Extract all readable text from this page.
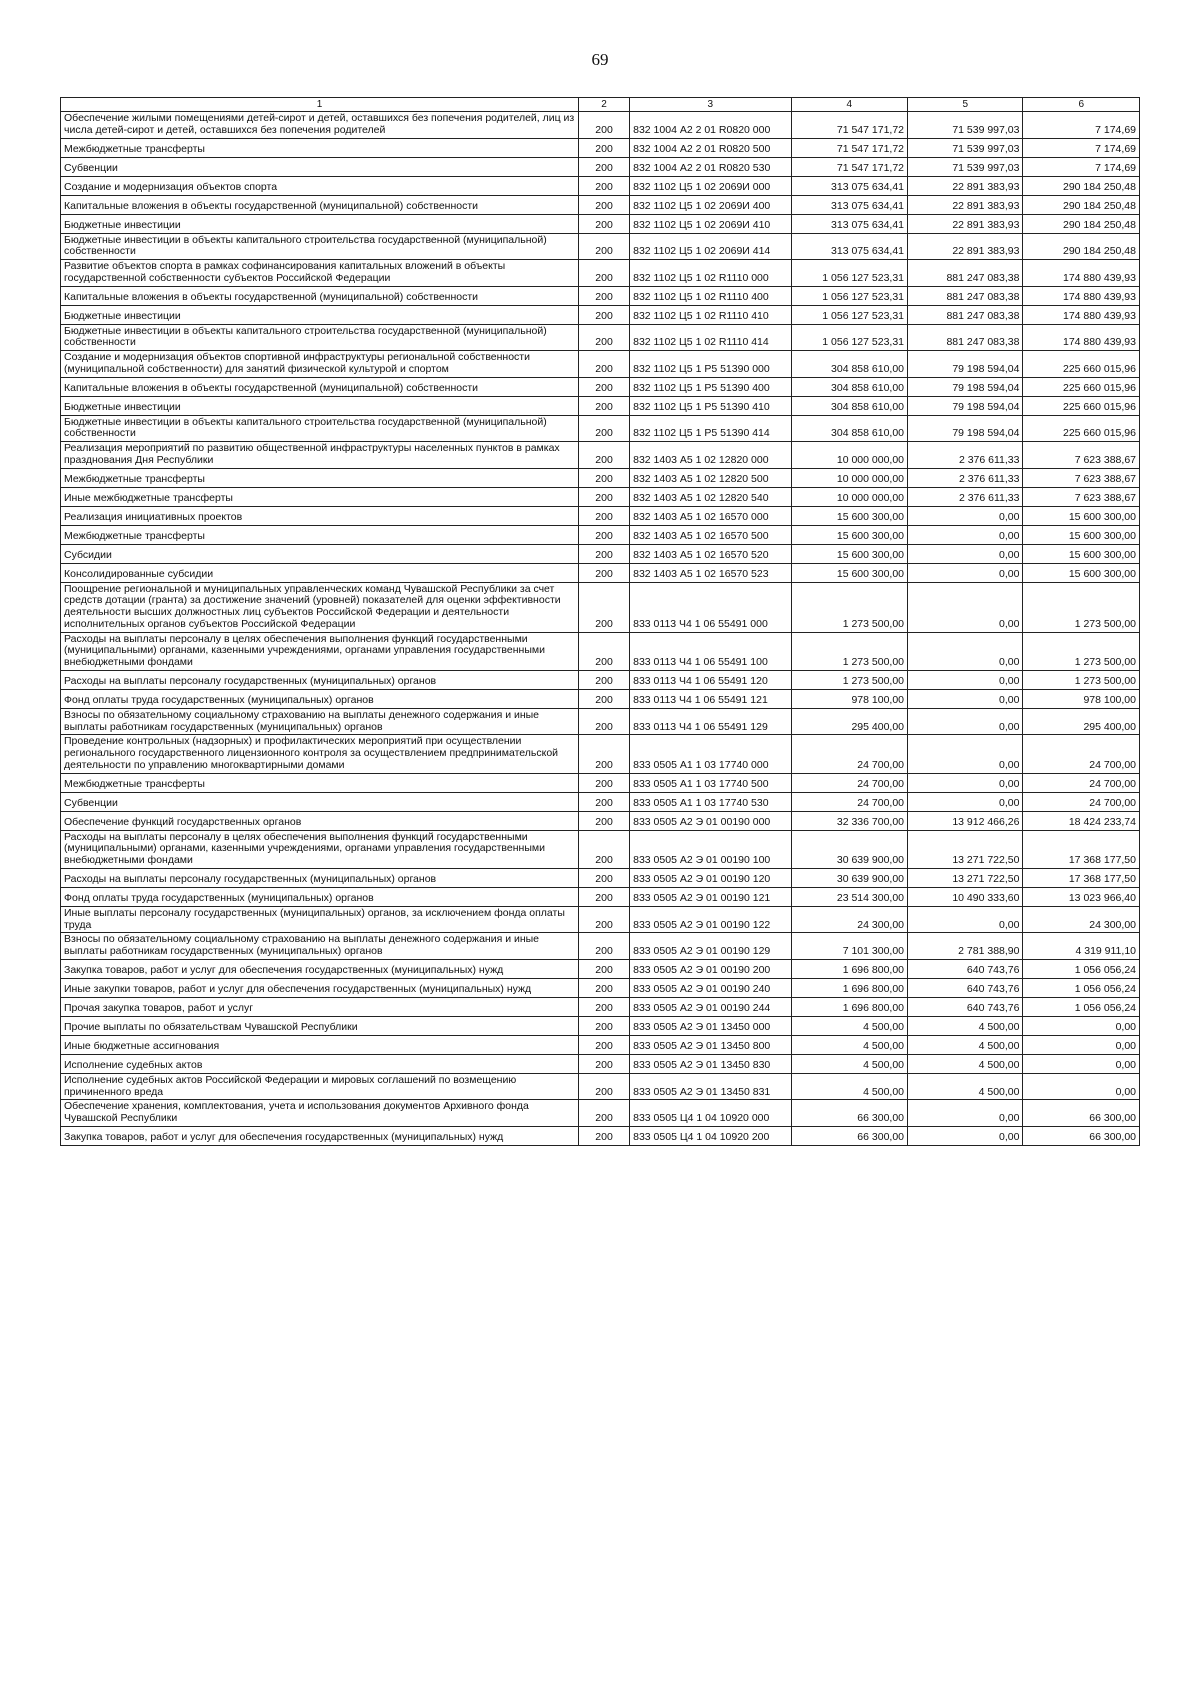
69
1	2	3	4	5	6
Обеспечение жилыми помещениями детей-сирот и детей, оставшихся без попечения родителей, лиц из числа детей-сирот и детей, оставшихся без попечения родителей	200	832 1004 А2 2 01 R0820 000	71 547 171,72	71 539 997,03	7 174,69
Межбюджетные трансферты	200	832 1004 А2 2 01 R0820 500	71 547 171,72	71 539 997,03	7 174,69
Субвенции	200	832 1004 А2 2 01 R0820 530	71 547 171,72	71 539 997,03	7 174,69
Создание и модернизация объектов спорта	200	832 1102 Ц5 1 02 2069И 000	313 075 634,41	22 891 383,93	290 184 250,48
Капитальные вложения в объекты государственной (муниципальной) собственности	200	832 1102 Ц5 1 02 2069И 400	313 075 634,41	22 891 383,93	290 184 250,48
Бюджетные инвестиции	200	832 1102 Ц5 1 02 2069И 410	313 075 634,41	22 891 383,93	290 184 250,48
Бюджетные инвестиции в объекты капитального строительства государственной (муниципальной) собственности	200	832 1102 Ц5 1 02 2069И 414	313 075 634,41	22 891 383,93	290 184 250,48
Развитие объектов спорта в рамках софинансирования капитальных вложений в объекты государственной собственности субъектов Российской Федерации	200	832 1102 Ц5 1 02 R1110 000	1 056 127 523,31	881 247 083,38	174 880 439,93
Капитальные вложения в объекты государственной (муниципальной) собственности	200	832 1102 Ц5 1 02 R1110 400	1 056 127 523,31	881 247 083,38	174 880 439,93
Бюджетные инвестиции	200	832 1102 Ц5 1 02 R1110 410	1 056 127 523,31	881 247 083,38	174 880 439,93
Бюджетные инвестиции в объекты капитального строительства государственной (муниципальной) собственности	200	832 1102 Ц5 1 02 R1110 414	1 056 127 523,31	881 247 083,38	174 880 439,93
Создание и модернизация объектов спортивной инфраструктуры региональной собственности (муниципальной собственности) для занятий физической культурой и спортом	200	832 1102 Ц5 1 Р5 51390 000	304 858 610,00	79 198 594,04	225 660 015,96
Капитальные вложения в объекты государственной (муниципальной) собственности	200	832 1102 Ц5 1 Р5 51390 400	304 858 610,00	79 198 594,04	225 660 015,96
Бюджетные инвестиции	200	832 1102 Ц5 1 Р5 51390 410	304 858 610,00	79 198 594,04	225 660 015,96
Бюджетные инвестиции в объекты капитального строительства государственной (муниципальной) собственности	200	832 1102 Ц5 1 Р5 51390 414	304 858 610,00	79 198 594,04	225 660 015,96
Реализация мероприятий по развитию общественной инфраструктуры населенных пунктов в рамках празднования Дня Республики	200	832 1403 А5 1 02 12820 000	10 000 000,00	2 376 611,33	7 623 388,67
Межбюджетные трансферты	200	832 1403 А5 1 02 12820 500	10 000 000,00	2 376 611,33	7 623 388,67
Иные межбюджетные трансферты	200	832 1403 А5 1 02 12820 540	10 000 000,00	2 376 611,33	7 623 388,67
Реализация инициативных проектов	200	832 1403 А5 1 02 16570 000	15 600 300,00	0,00	15 600 300,00
Межбюджетные трансферты	200	832 1403 А5 1 02 16570 500	15 600 300,00	0,00	15 600 300,00
Субсидии	200	832 1403 А5 1 02 16570 520	15 600 300,00	0,00	15 600 300,00
Консолидированные субсидии	200	832 1403 А5 1 02 16570 523	15 600 300,00	0,00	15 600 300,00
Поощрение региональной и муниципальных управленческих команд Чувашской Республики за счет средств дотации (гранта) за достижение значений (уровней) показателей для оценки эффективности деятельности высших должностных лиц субъектов Российской Федерации и деятельности исполнительных органов субъектов Российской Федерации	200	833 0113 Ч4 1 06 55491 000	1 273 500,00	0,00	1 273 500,00
Расходы на выплаты персоналу в целях обеспечения выполнения функций государственными (муниципальными) органами, казенными учреждениями, органами управления государственными внебюджетными фондами	200	833 0113 Ч4 1 06 55491 100	1 273 500,00	0,00	1 273 500,00
Расходы на выплаты персоналу государственных (муниципальных) органов	200	833 0113 Ч4 1 06 55491 120	1 273 500,00	0,00	1 273 500,00
Фонд оплаты труда государственных (муниципальных) органов	200	833 0113 Ч4 1 06 55491 121	978 100,00	0,00	978 100,00
Взносы по обязательному социальному страхованию на выплаты денежного содержания и иные выплаты работникам государственных (муниципальных) органов	200	833 0113 Ч4 1 06 55491 129	295 400,00	0,00	295 400,00
Проведение контрольных (надзорных) и профилактических мероприятий при осуществлении регионального государственного лицензионного контроля за осуществлением предпринимательской деятельности по управлению многоквартирными домами	200	833 0505 А1 1 03 17740 000	24 700,00	0,00	24 700,00
Межбюджетные трансферты	200	833 0505 А1 1 03 17740 500	24 700,00	0,00	24 700,00
Субвенции	200	833 0505 А1 1 03 17740 530	24 700,00	0,00	24 700,00
Обеспечение функций государственных органов	200	833 0505 А2 Э 01 00190 000	32 336 700,00	13 912 466,26	18 424 233,74
Расходы на выплаты персоналу в целях обеспечения выполнения функций государственными (муниципальными) органами, казенными учреждениями, органами управления государственными внебюджетными фондами	200	833 0505 А2 Э 01 00190 100	30 639 900,00	13 271 722,50	17 368 177,50
Расходы на выплаты персоналу государственных (муниципальных) органов	200	833 0505 А2 Э 01 00190 120	30 639 900,00	13 271 722,50	17 368 177,50
Фонд оплаты труда государственных (муниципальных) органов	200	833 0505 А2 Э 01 00190 121	23 514 300,00	10 490 333,60	13 023 966,40
Иные выплаты персоналу государственных (муниципальных) органов, за исключением фонда оплаты труда	200	833 0505 А2 Э 01 00190 122	24 300,00	0,00	24 300,00
Взносы по обязательному социальному страхованию на выплаты денежного содержания и иные выплаты работникам государственных (муниципальных) органов	200	833 0505 А2 Э 01 00190 129	7 101 300,00	2 781 388,90	4 319 911,10
Закупка товаров, работ и услуг для обеспечения государственных (муниципальных) нужд	200	833 0505 А2 Э 01 00190 200	1 696 800,00	640 743,76	1 056 056,24
Иные закупки товаров, работ и услуг для обеспечения государственных (муниципальных) нужд	200	833 0505 А2 Э 01 00190 240	1 696 800,00	640 743,76	1 056 056,24
Прочая закупка товаров, работ и услуг	200	833 0505 А2 Э 01 00190 244	1 696 800,00	640 743,76	1 056 056,24
Прочие выплаты по обязательствам Чувашской Республики	200	833 0505 А2 Э 01 13450 000	4 500,00	4 500,00	0,00
Иные бюджетные ассигнования	200	833 0505 А2 Э 01 13450 800	4 500,00	4 500,00	0,00
Исполнение судебных актов	200	833 0505 А2 Э 01 13450 830	4 500,00	4 500,00	0,00
Исполнение судебных актов Российской Федерации и мировых соглашений по возмещению причиненного вреда	200	833 0505 А2 Э 01 13450 831	4 500,00	4 500,00	0,00
Обеспечение хранения, комплектования, учета и использования документов Архивного фонда Чувашской Республики	200	833 0505 Ц4 1 04 10920 000	66 300,00	0,00	66 300,00
Закупка товаров, работ и услуг для обеспечения государственных (муниципальных) нужд	200	833 0505 Ц4 1 04 10920 200	66 300,00	0,00	66 300,00
